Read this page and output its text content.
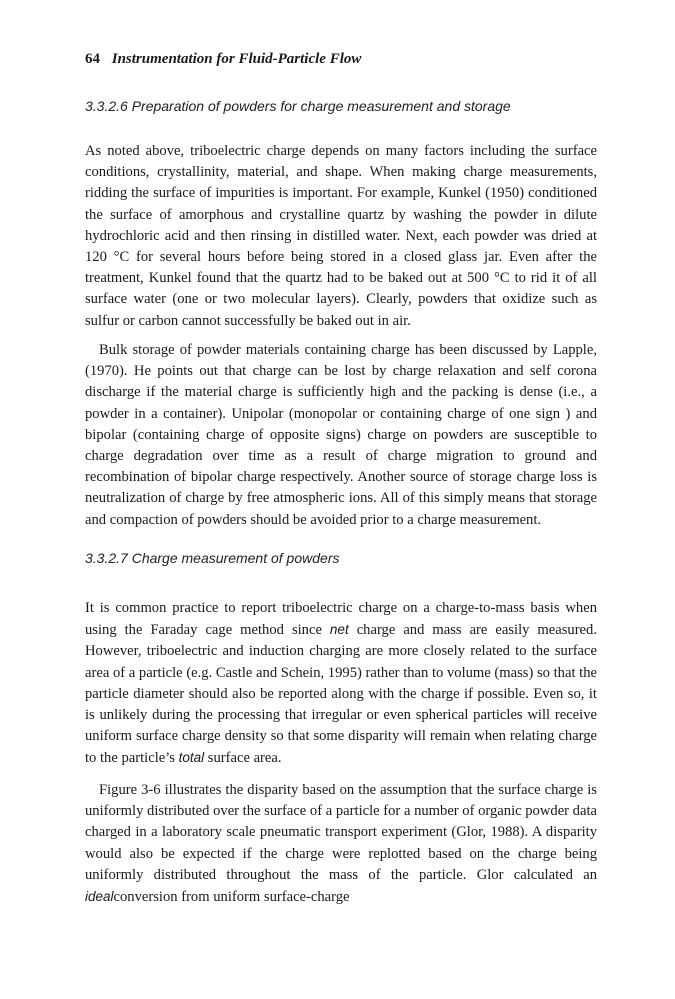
64 Instrumentation for Fluid-Particle Flow
3.3.2.6 Preparation of powders for charge measurement and storage

As noted above, triboelectric charge depends on many factors including the surface conditions, crystallinity, material, and shape. When making charge measurements, ridding the surface of impurities is important. For example, Kunkel (1950) conditioned the surface of amorphous and crystalline quartz by washing the powder in dilute hydrochloric acid and then rinsing in distilled water. Next, each powder was dried at 120 °C for several hours before being stored in a closed glass jar. Even after the treatment, Kunkel found that the quartz had to be baked out at 500 °C to rid it of all surface water (one or two molecular layers). Clearly, powders that oxidize such as sulfur or carbon cannot successfully be baked out in air.

Bulk storage of powder materials containing charge has been discussed by Lapple, (1970). He points out that charge can be lost by charge relaxation and self corona discharge if the material charge is sufficiently high and the packing is dense (i.e., a powder in a container). Unipolar (monopolar or containing charge of one sign ) and bipolar (containing charge of opposite signs) charge on powders are susceptible to charge degradation over time as a result of charge migration to ground and recombination of bipolar charge respectively. Another source of storage charge loss is neutralization of charge by free atmospheric ions. All of this simply means that storage and compaction of powders should be avoided prior to a charge measurement.

3.3.2.7 Charge measurement of powders

It is common practice to report triboelectric charge on a charge-to-mass basis when using the Faraday cage method since net charge and mass are easily measured. However, triboelectric and induction charging are more closely related to the surface area of a particle (e.g. Castle and Schein, 1995) rather than to volume (mass) so that the particle diameter should also be reported along with the charge if possible. Even so, it is unlikely during the processing that irregular or even spherical particles will receive uniform surface charge density so that some disparity will remain when relating charge to the particle’s total surface area.

Figure 3-6 illustrates the disparity based on the assumption that the surface charge is uniformly distributed over the surface of a particle for a number of organic powder data charged in a laboratory scale pneumatic transport experiment (Glor, 1988). A disparity would also be expected if the charge were replotted based on the charge being uniformly distributed throughout the mass of the particle. Glor calculated an idealconversion from uniform surface-charge
